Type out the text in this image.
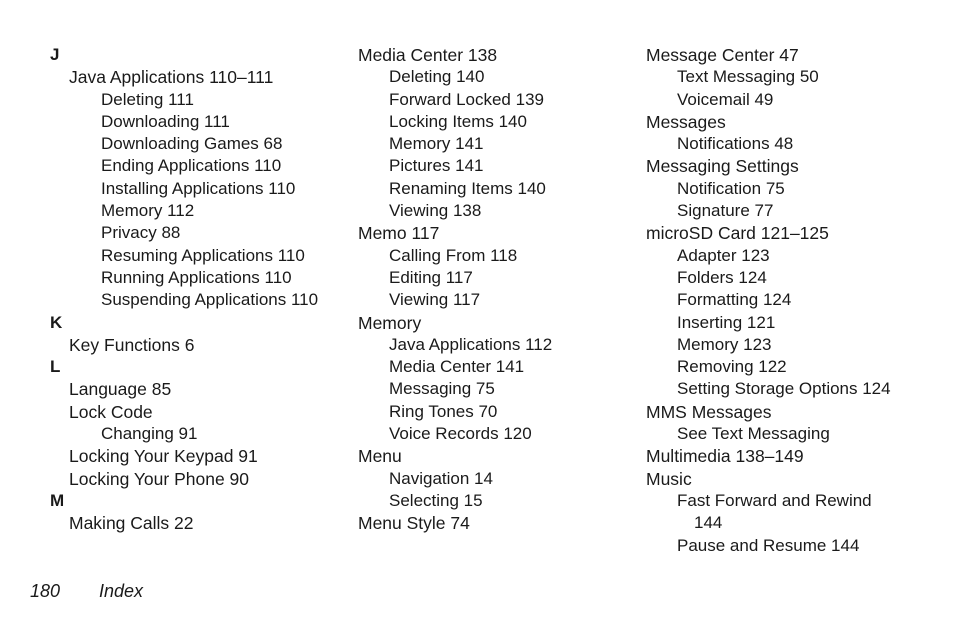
J
Java Applications 110–111
Deleting 111
Downloading 111
Downloading Games 68
Ending Applications 110
Installing Applications 110
Memory 112
Privacy 88
Resuming Applications 110
Running Applications 110
Suspending Applications 110
K
Key Functions 6
L
Language 85
Lock Code
Changing 91
Locking Your Keypad 91
Locking Your Phone 90
M
Making Calls 22
Media Center 138
Deleting 140
Forward Locked 139
Locking Items 140
Memory 141
Pictures 141
Renaming Items 140
Viewing 138
Memo 117
Calling From 118
Editing 117
Viewing 117
Memory
Java Applications 112
Media Center 141
Messaging 75
Ring Tones 70
Voice Records 120
Menu
Navigation 14
Selecting 15
Menu Style 74
Message Center 47
Text Messaging 50
Voicemail 49
Messages
Notifications 48
Messaging Settings
Notification 75
Signature 77
microSD Card 121–125
Adapter 123
Folders 124
Formatting 124
Inserting 121
Memory 123
Removing 122
Setting Storage Options 124
MMS Messages
See Text Messaging
Multimedia 138–149
Music
Fast Forward and Rewind
144
Pause and Resume 144
180 Index
